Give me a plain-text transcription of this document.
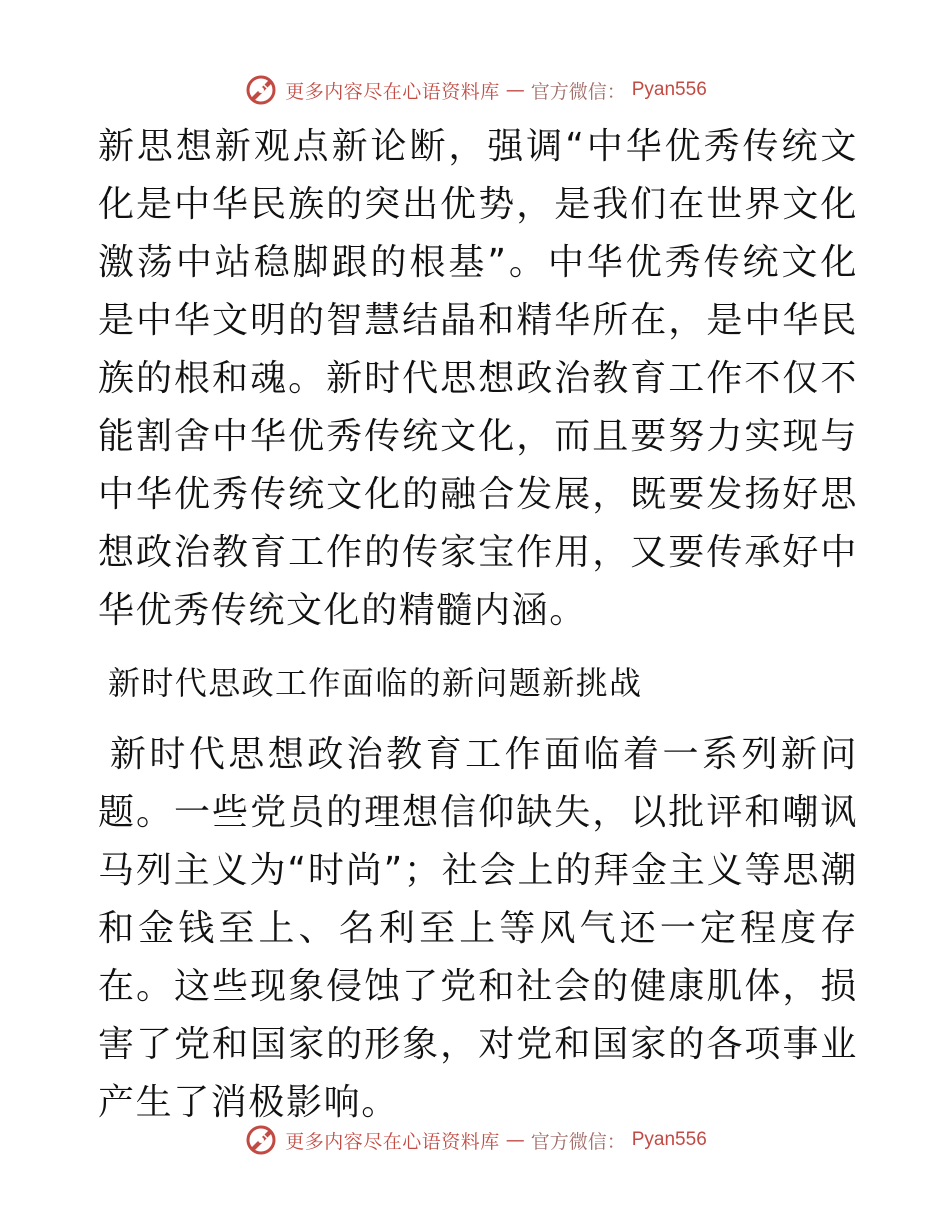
更多内容尽在心语资料库 — 官方微信： Pyan556

新思想新观点新论断，强调“中华优秀传统文化是中华民族的突出优势，是我们在世界文化激荡中站稳脚跟的根基”。中华优秀传统文化是中华文明的智慧结晶和精华所在，是中华民族的根和魂。新时代思想政治教育工作不仅不能割舍中华优秀传统文化，而且要努力实现与中华优秀传统文化的融合发展，既要发扬好思想政治教育工作的传家宝作用，又要传承好中华优秀传统文化的精髓内涵。

新时代思政工作面临的新问题新挑战

新时代思想政治教育工作面临着一系列新问题。一些党员的理想信仰缺失，以批评和嘲讽马列主义为“时尚”；社会上的拜金主义等思潮和金钱至上、名利至上等风气还一定程度存在。这些现象侵蚀了党和社会的健康肌体，损害了党和国家的形象，对党和国家的各项事业产生了消极影响。

更多内容尽在心语资料库 — 官方微信： Pyan556
